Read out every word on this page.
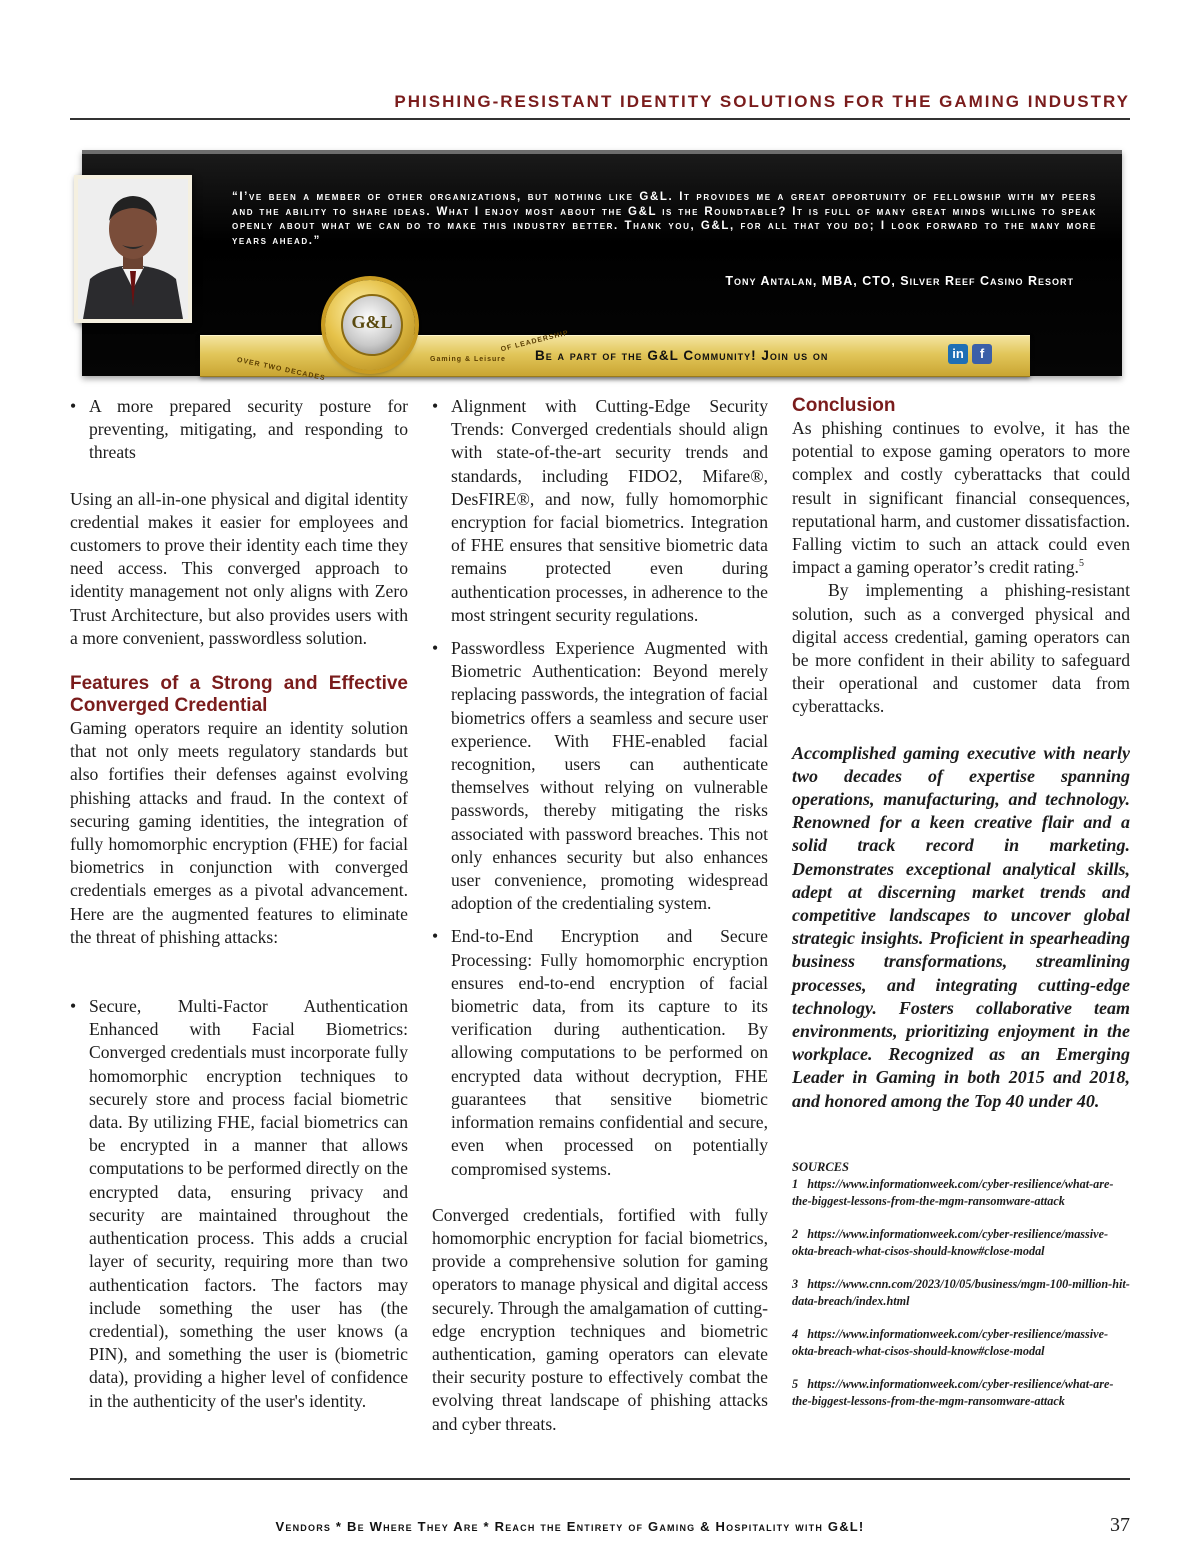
PHISHING-RESISTANT IDENTITY SOLUTIONS FOR THE GAMING INDUSTRY
“I’ve been a member of other organizations, but nothing like G&L. It provides me a great opportunity of fellowship with my peers and the ability to share ideas. What I enjoy most about the G&L is the Roundtable? It is full of many great minds willing to speak openly about what we can do to make this industry better. Thank you, G&L, for all that you do; I look forward to the many more years ahead.”
Tony Antalan, MBA, CTO, Silver Reef Casino Resort
Be a part of the G&L Community! Join us on	in	f
OVER TWO DECADES	Gaming & Leisure
OF LEADERSHIP
G&L

• A more prepared security posture for preventing, mitigating, and responding to threats

Using an all-in-one physical and digital identity credential makes it easier for employees and customers to prove their identity each time they need access. This converged approach to identity management not only aligns with Zero Trust Architecture, but also provides users with a more convenient, passwordless solution.

Features of a Strong and Effective Converged Credential

Gaming operators require an identity solution that not only meets regulatory standards but also fortifies their defenses against evolving phishing attacks and fraud. In the context of securing gaming identities, the integration of fully homomorphic encryption (FHE) for facial biometrics in conjunction with converged credentials emerges as a pivotal advancement. Here are the augmented features to eliminate the threat of phishing attacks:

• Secure, Multi-Factor Authentication Enhanced with Facial Biometrics: Converged credentials must incorporate fully homomorphic encryption techniques to securely store and process facial biometric data. By utilizing FHE, facial biometrics can be encrypted in a manner that allows computations to be performed directly on the encrypted data, ensuring privacy and security are maintained throughout the authentication process. This adds a crucial layer of security, requiring more than two authentication factors. The factors may include something the user has (the credential), something the user knows (a PIN), and something the user is (biometric data), providing a higher level of confidence in the authenticity of the user's identity.

• Alignment with Cutting-Edge Security Trends: Converged credentials should align with state-of-the-art security trends and standards, including FIDO2, Mifare®, DesFIRE®, and now, fully homomorphic encryption for facial biometrics. Integration of FHE ensures that sensitive biometric data remains protected even during authentication processes, in adherence to the most stringent security regulations.

• Passwordless Experience Augmented with Biometric Authentication: Beyond merely replacing passwords, the integration of facial biometrics offers a seamless and secure user experience. With FHE-enabled facial recognition, users can authenticate themselves without relying on vulnerable passwords, thereby mitigating the risks associated with password breaches. This not only enhances security but also enhances user convenience, promoting widespread adoption of the credentialing system.

• End-to-End Encryption and Secure Processing: Fully homomorphic encryption ensures end-to-end encryption of facial biometric data, from its capture to its verification during authentication. By allowing computations to be performed on encrypted data without decryption, FHE guarantees that sensitive biometric information remains confidential and secure, even when processed on potentially compromised systems.

Converged credentials, fortified with fully homomorphic encryption for facial biometrics, provide a comprehensive solution for gaming operators to manage physical and digital access securely. Through the amalgamation of cutting-edge encryption techniques and biometric authentication, gaming operators can elevate their security posture to effectively combat the evolving threat landscape of phishing attacks and cyber threats.

Conclusion

As phishing continues to evolve, it has the potential to expose gaming operators to more complex and costly cyberattacks that could result in significant financial consequences, reputational harm, and customer dissatisfaction. Falling victim to such an attack could even impact a gaming operator’s credit rating.$^5$

By implementing a phishing-resistant solution, such as a converged physical and digital access credential, gaming operators can be more confident in their ability to safeguard their operational and customer data from cyberattacks.

Accomplished gaming executive with nearly two decades of expertise spanning operations, manufacturing, and technology. Renowned for a keen creative flair and a solid track record in marketing. Demonstrates exceptional analytical skills, adept at discerning market trends and competitive landscapes to uncover global strategic insights. Proficient in spearheading business transformations, streamlining processes, and integrating cutting-edge technology. Fosters collaborative team environments, prioritizing enjoyment in the workplace. Recognized as an Emerging Leader in Gaming in both 2015 and 2018, and honored among the Top 40 under 40.

SOURCES
1 https://www.informationweek.com/cyber-resilience/what-are-the-biggest-lessons-from-the-mgm-ransomware-attack
2 https://www.informationweek.com/cyber-resilience/massive-okta-breach-what-cisos-should-know#close-modal
3 https://www.cnn.com/2023/10/05/business/mgm-100-million-hit-data-breach/index.html
4 https://www.informationweek.com/cyber-resilience/massive-okta-breach-what-cisos-should-know#close-modal
5 https://www.informationweek.com/cyber-resilience/what-are-the-biggest-lessons-from-the-mgm-ransomware-attack
Vendors * Be Where They Are * Reach the Entirety of Gaming & Hospitality with G&L!	37
